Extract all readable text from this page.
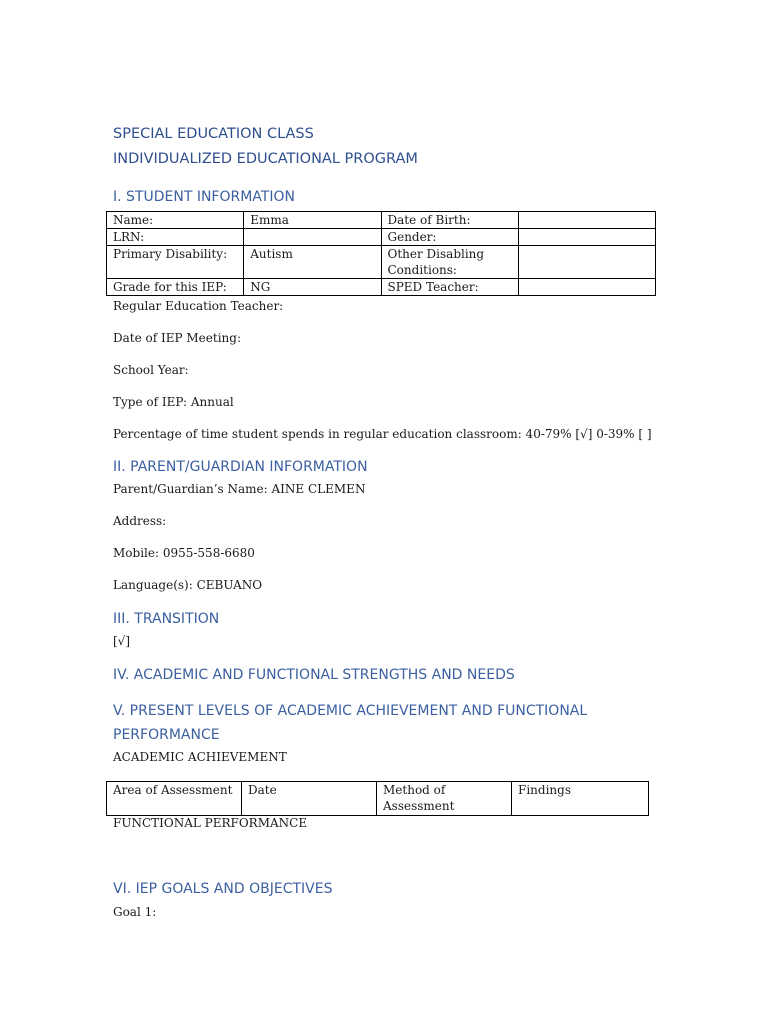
SPECIAL EDUCATION CLASS
INDIVIDUALIZED EDUCATIONAL PROGRAM
I. STUDENT INFORMATION
Name:	Emma	Date of Birth:	
LRN:		Gender:	
Primary Disability:	Autism	Other Disabling Conditions:	
Grade for this IEP:	NG	SPED Teacher:	

Regular Education Teacher:

Date of IEP Meeting:

School Year:

Type of IEP: Annual

Percentage of time student spends in regular education classroom: 40-79% [√] 0-39% [ ]

II. PARENT/GUARDIAN INFORMATION

Parent/Guardian’s Name: AINE CLEMEN

Address:

Mobile: 0955-558-6680

Language(s): CEBUANO

III. TRANSITION

[√]

IV. ACADEMIC AND FUNCTIONAL STRENGTHS AND NEEDS
V. PRESENT LEVELS OF ACADEMIC ACHIEVEMENT AND FUNCTIONAL
PERFORMANCE

ACADEMIC ACHIEVEMENT

Area of Assessment	Date	Method of Assessment	Findings

FUNCTIONAL PERFORMANCE

VI. IEP GOALS AND OBJECTIVES

Goal 1:
